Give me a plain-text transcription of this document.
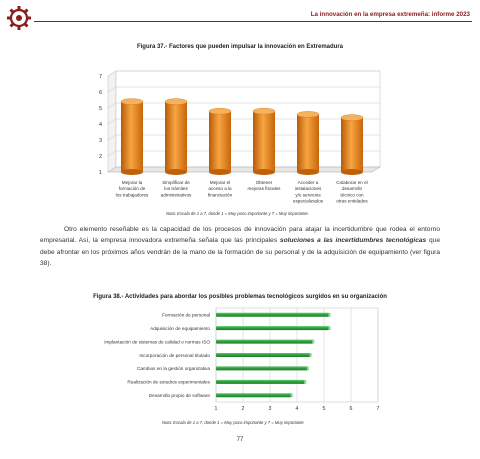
La innovación en la empresa extremeña: informe 2023
Figura 37.- Factores que pueden impulsar la innovación en Extremadura
1
2
3
4
5
6
7
Mejorar la
formación de
los trabajadores
Simplificar de
los trámites
administrativos
Mejorar el
acceso a la
financiación
Obtener
mejoras fiscales
Acceder a
instalaciones
y/o servicios
especializados
Colaborar en el
desarrollo
técnico con
otras entidades
Nota: Escala de 1 a 7, donde 1 = Muy poco importante y 7 = Muy importante.

Otro elemento reseñable es la capacidad de los procesos de innovación para atajar la incertidumbre que rodea el entorno empresarial. Así, la empresa innovadora extremeña señala que las principales soluciones a las incertidumbres tecnológicas que debe afrontar en los próximos años vendrán de la mano de la formación de su personal y de la adquisición de equipamiento (ver figura 38).

Figura 38.- Actividades para abordar los posibles problemas tecnológicos surgidos en su organización
1	2	3	4	5	6	7
Formación de personal
Adquisición de equipamiento
Implantación de sistemas de calidad o normas ISO
Incorporación de personal titulado
Cambios en la gestión organizativa
Realización de estudios experimentales
Desarrollo propio de software
Nota: Escala de 1 a 7, donde 1 = Muy poco importante y 7 = Muy importante
77
